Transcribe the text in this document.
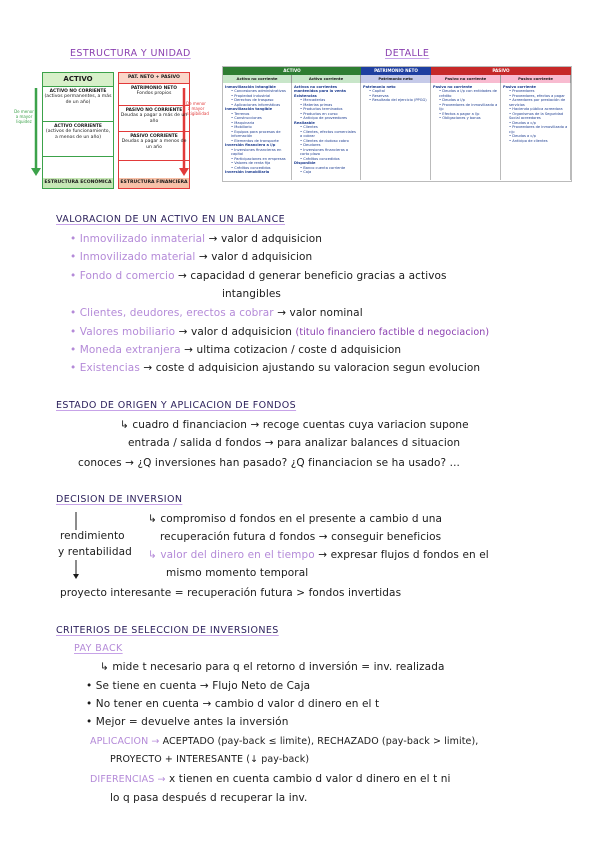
ESTRUCTURA Y UNIDAD	DETALLE
De menor a mayor liquidez
De menor a mayor exigibilidad
ACTIVO
ACTIVO NO CORRIENTE
(activos permanentes, a más de un año)
ACTIVO CORRIENTE
(activos de funcionamiento, a menos de un año)
ESTRUCTURA ECONÓMICA
PAT. NETO + PASIVO
PATRIMONIO NETO
Fondos propios
PASIVO NO CORRIENTE
Deudas a pagar a más de un año
PASIVO CORRIENTE
Deudas a pagar a menos de un año
ESTRUCTURA FINANCIERA
ACTIVO	PATRIMONIO NETO	PASIVO
Activo no corriente	Activo corriente	Patrimonio neto	Pasivo no corriente	Pasivo corriente
Inmovilización intangible
• Concesiones administrativas
• Propiedad industrial
• Derechos de traspaso
• Aplicaciones informáticas
Inmovilización tangible
• Terrenos
• Construcciones
• Maquinaria
• Mobiliario
• Equipos para procesos de información
• Elementos de transporte
Inversión financiera a l/p
• Inversiones financieras en capital
• Participaciones en empresas
• Valores de renta fija
• Créditos concedidos
Inversión inmobiliaria
Activos no corrientes mantenidos para la venta
Existencias
• Mercaderías
• Materias primas
• Productos terminados
• Productos en curso
• Anticipo de proveedores
Realizable
• Clientes
• Clientes, efectos comerciales a cobrar
• Clientes de dudoso cobro
• Deudores
• Inversiones financieras a corto plazo
• Créditos concedidos
Disponible
• Banco cuenta corriente
• Caja
Patrimonio neto
• Capital
• Reservas
• Resultado del ejercicio (PPGG)
Pasivo no corriente
• Deudas a l/p con entidades de crédito
• Deudas a l/p
• Proveedores de inmovilizado a l/p
• Efectos a pagar a l/p
• Obligaciones y bonos
Pasivo corriente
• Proveedores
• Proveedores, efectos a pagar
• Acreedores por prestación de servicios
• Hacienda pública acreedora
• Organismos de la Seguridad Social acreedores
• Deudas a c/p
• Proveedores de inmovilizado a c/p
• Deudas a c/p
• Anticipo de clientes
VALORACION DE UN ACTIVO EN UN BALANCE
• Inmovilizado inmaterial → valor d adquisicion
• Inmovilizado material → valor d adquisicion
• Fondo d comercio → capacidad d generar beneficio gracias a activos
intangibles
• Clientes, deudores, erectos a cobrar → valor nominal
• Valores mobiliario → valor d adquisicion (titulo financiero factible d negociacion)
• Moneda extranjera → ultima cotizacion / coste d adquisicion
• Existencias → coste d adquisicion ajustando su valoracion segun evolucion
ESTADO DE ORIGEN Y APLICACION DE FONDOS
↳ cuadro d financiacion → recoge cuentas cuya variacion supone
entrada / salida d fondos → para analizar balances d situacion
conoces → ¿Q inversiones han pasado? ¿Q financiacion se ha usado? ...
DECISION DE INVERSION
rendimiento
y rentabilidad
↳ compromiso d fondos en el presente a cambio d una
recuperación futura d fondos → conseguir beneficios
↳ valor del dinero en el tiempo → expresar flujos d fondos en el
mismo momento temporal
proyecto interesante = recuperación futura > fondos invertidas
CRITERIOS DE SELECCION DE INVERSIONES
PAY BACK
↳ mide t necesario para q el retorno d inversión = inv. realizada
• Se tiene en cuenta → Flujo Neto de Caja
• No tener en cuenta → cambio d valor d dinero en el t
• Mejor = devuelve antes la inversión
APLICACION → ACEPTADO (pay-back ≤ limite), RECHAZADO (pay-back > limite),
PROYECTO + INTERESANTE (↓ pay-back)
DIFERENCIAS → x tienen en cuenta cambio d valor d dinero en el t ni
lo q pasa después d recuperar la inv.
